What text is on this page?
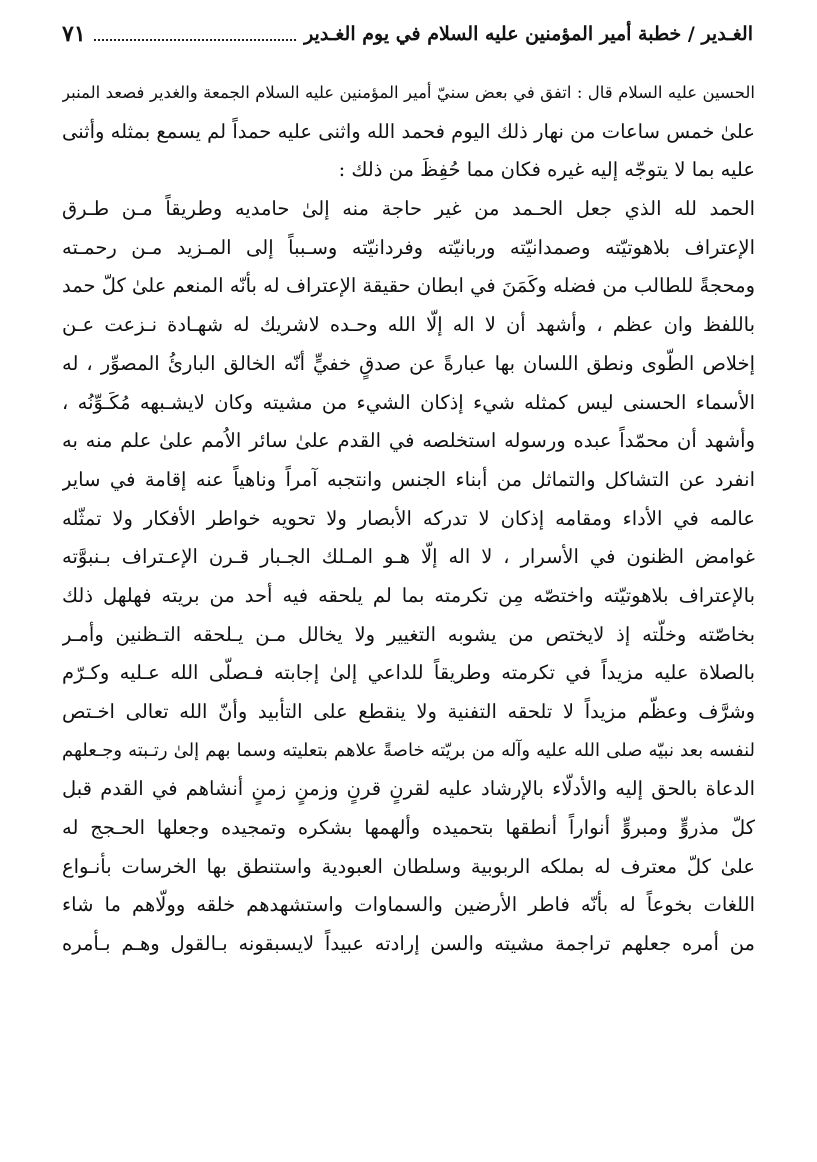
الغـدير / خطبة أمير المؤمنين عليه السلام في يوم الغـدير
٧١
الحسين عليه السلام قال : اتفق في بعض سنيّ أمير المؤمنين عليه السلام الجمعة والغدير فصعد المنبر
علىٰ خمس ساعات من نهار ذلك اليوم فحمد الله واثنى عليه حمداً لم يسمع بمثله وأثنى
عليه بما لا يتوجّه إليه غيره فكان مما حُفِظَ من ذلك :
الحمد لله الذي جعل الحـمد من غير حاجة منه إلىٰ حامديه وطريقاً مـن طـرق
الإعتراف بلاهوتيّته وصمدانيّته وربانيّته وفردانيّته وسـبباً إلى المـزيد مـن رحمـته
ومحجةً للطالب من فضله وكَمَنَ في ابطان حقيقة الإعتراف له بأنّه المنعم علىٰ كلّ حمد
باللفظ وان عظم ، وأشهد أن لا اله إلّا الله وحـده لاشريك له شهـادة نـزعت عـن
إخلاص الطّوى ونطق اللسان بها عبارةً عن صدقٍ خفيٍّ أنّه الخالق البارئُ المصوِّر ، له
الأسماء الحسنى ليس كمثله شيء إذكان الشيء من مشيته وكان لايشـبهه مُكَـوِّنُه ،
وأشهد أن محمّداً عبده ورسوله استخلصه في القدم علىٰ سائر الاُمم علىٰ علم منه به
انفرد عن التشاكل والتماثل من أبناء الجنس وانتجبه آمراً وناهياً عنه إقامة في ساير
عالمه في الأداء ومقامه إذكان لا تدركه الأبصار ولا تحويه خواطر الأفكار ولا تمثّله
غوامض الظنون في الأسرار ، لا اله إلّا هـو المـلك الجـبار قـرن الإعـتراف بـنبوَّته
بالإعتراف بلاهوتيّته واختصّه مِن تكرمته بما لم يلحقه فيه أحد من بريته فهلهل ذلك
بخاصّته وخلّته إذ لايختص من يشوبه التغيير ولا يخالل مـن يـلحقه التـظنين وأمـر
بالصلاة عليه مزيداً في تكرمته وطريقاً للداعي إلىٰ إجابته فـصلّى الله عـليه وكـرّم
وشرَّف وعظّم مزيداً لا تلحقه التفنية ولا ينقطع على التأبيد وأنّ الله تعالى اخـتص
لنفسه بعد نبيّه صلى الله عليه وآله من بريّته خاصةً علاهم بتعليته وسما بهم إلىٰ رتـبته وجـعلهم
الدعاة بالحق إليه والأدلّاء بالإرشاد عليه لقرنٍ قرنٍ وزمنٍ زمنٍ أنشاهم في القدم قبل
كلّ مذروٍّ ومبروٍّ أنواراً أنطقها بتحميده وألهمها بشكره وتمجيده وجعلها الحـجج له
علىٰ كلّ معترف له بملكه الربوبية وسلطان العبودية واستنطق بها الخرسات بأنـواع
اللغات بخوعاً له بأنّه فاطر الأرضين والسماوات واستشهدهم خلقه وولّاهم ما شاء
من أمره جعلهم تراجمة مشيته والسن إرادته عبيداً لايسبقونه بـالقول وهـم بـأمره
